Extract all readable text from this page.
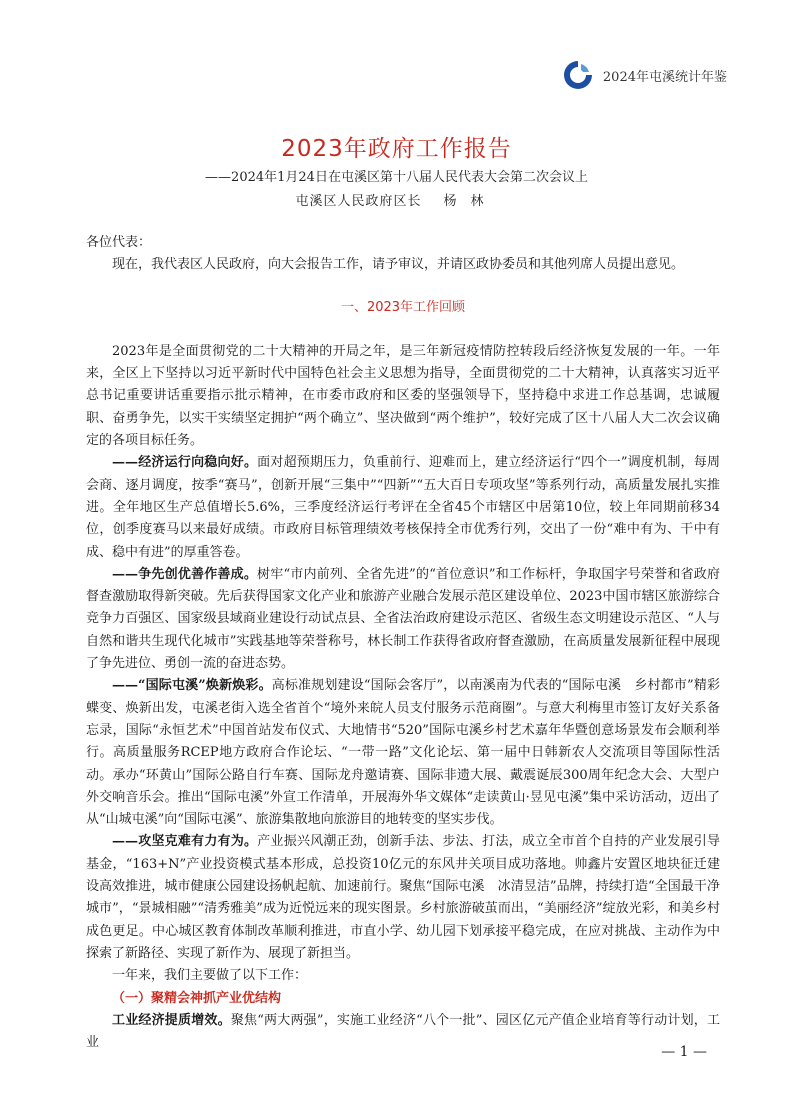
2024年屯溪统计年鉴
2023年政府工作报告
——2024年1月24日在屯溪区第十八届人民代表大会第二次会议上
屯溪区人民政府区长 杨林

各位代表：

现在，我代表区人民政府，向大会报告工作，请予审议，并请区政协委员和其他列席人员提出意见。

一、2023年工作回顾

2023年是全面贯彻党的二十大精神的开局之年，是三年新冠疫情防控转段后经济恢复发展的一年。一年来，全区上下坚持以习近平新时代中国特色社会主义思想为指导，全面贯彻党的二十大精神，认真落实习近平总书记重要讲话重要指示批示精神，在市委市政府和区委的坚强领导下，坚持稳中求进工作总基调，忠诚履职、奋勇争先，以实干实绩坚定拥护“两个确立”、坚决做到“两个维护”，较好完成了区十八届人大二次会议确定的各项目标任务。

——经济运行向稳向好。面对超预期压力，负重前行、迎难而上，建立经济运行“四个一”调度机制，每周会商、逐月调度，按季“赛马”，创新开展“三集中”“四新”“五大百日专项攻坚”等系列行动，高质量发展扎实推进。全年地区生产总值增长5.6%，三季度经济运行考评在全省45个市辖区中居第10位，较上年同期前移34位，创季度赛马以来最好成绩。市政府目标管理绩效考核保持全市优秀行列，交出了一份“难中有为、干中有成、稳中有进”的厚重答卷。

——争先创优善作善成。树牢“市内前列、全省先进”的“首位意识”和工作标杆，争取国字号荣誉和省政府督查激励取得新突破。先后获得国家文化产业和旅游产业融合发展示范区建设单位、2023中国市辖区旅游综合竞争力百强区、国家级县域商业建设行动试点县、全省法治政府建设示范区、省级生态文明建设示范区、“人与自然和谐共生现代化城市”实践基地等荣誉称号，林长制工作获得省政府督查激励，在高质量发展新征程中展现了争先进位、勇创一流的奋进态势。

——“国际屯溪”焕新焕彩。高标准规划建设“国际会客厅”，以南溪南为代表的“国际屯溪　乡村都市”精彩蝶变、焕新出发，屯溪老街入选全省首个“境外来皖人员支付服务示范商圈”。与意大利梅里市签订友好关系备忘录，国际“永恒艺术”中国首站发布仪式、大地情书“520”国际屯溪乡村艺术嘉年华暨创意场景发布会顺利举行。高质量服务RCEP地方政府合作论坛、“一带一路”文化论坛、第一届中日韩新农人交流项目等国际性活动。承办“环黄山”国际公路自行车赛、国际龙舟邀请赛、国际非遗大展、戴震诞辰300周年纪念大会、大型户外交响音乐会。推出“国际屯溪”外宣工作清单，开展海外华文媒体“走读黄山·昱见屯溪”集中采访活动，迈出了从“山城屯溪”向“国际屯溪”、旅游集散地向旅游目的地转变的坚实步伐。

——攻坚克难有力有为。产业振兴风潮正劲，创新手法、步法、打法，成立全市首个自持的产业发展引导基金，“163+N”产业投资模式基本形成，总投资10亿元的东风井关项目成功落地。帅鑫片安置区地块征迁建设高效推进，城市健康公园建设扬帆起航、加速前行。聚焦“国际屯溪　冰清昱洁”品牌，持续打造“全国最干净城市”，“景城相融”“清秀雅美”成为近悦远来的现实图景。乡村旅游破茧而出，“美丽经济”绽放光彩，和美乡村成色更足。中心城区教育体制改革顺利推进，市直小学、幼儿园下划承接平稳完成，在应对挑战、主动作为中探索了新路径、实现了新作为、展现了新担当。

一年来，我们主要做了以下工作：

（一）聚精会神抓产业优结构

工业经济提质增效。聚焦“两大两强”，实施工业经济“八个一批”、园区亿元产值企业培育等行动计划，工业

— 1 —
